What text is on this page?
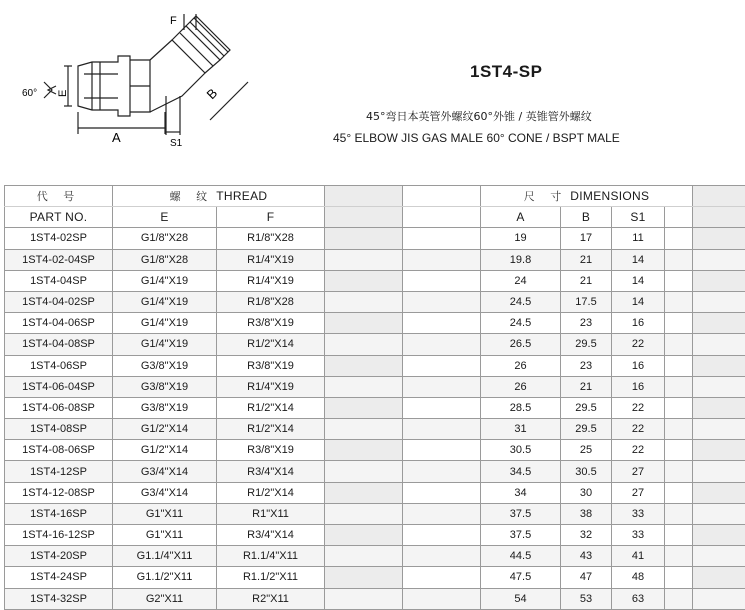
E
F
A
B
S1
60°
1ST4-SP
45°弯日本英管外螺纹60°外锥 / 英锥管外螺纹
45° ELBOW JIS GAS MALE 60° CONE / BSPT MALE
代 号	螺 纹 THREAD				尺 寸 DIMENSIONS				
PART NO.	E	F			A	B	S1		
1ST4-02SP	G1/8"X28	R1/8"X28			19	17	11		
1ST4-02-04SP	G1/8"X28	R1/4"X19			19.8	21	14		
1ST4-04SP	G1/4"X19	R1/4"X19			24	21	14		
1ST4-04-02SP	G1/4"X19	R1/8"X28			24.5	17.5	14		
1ST4-04-06SP	G1/4"X19	R3/8"X19			24.5	23	16		
1ST4-04-08SP	G1/4"X19	R1/2"X14			26.5	29.5	22		
1ST4-06SP	G3/8"X19	R3/8"X19			26	23	16		
1ST4-06-04SP	G3/8"X19	R1/4"X19			26	21	16		
1ST4-06-08SP	G3/8"X19	R1/2"X14			28.5	29.5	22		
1ST4-08SP	G1/2"X14	R1/2"X14			31	29.5	22		
1ST4-08-06SP	G1/2"X14	R3/8"X19			30.5	25	22		
1ST4-12SP	G3/4"X14	R3/4"X14			34.5	30.5	27		
1ST4-12-08SP	G3/4"X14	R1/2"X14			34	30	27		
1ST4-16SP	G1"X11	R1"X11			37.5	38	33		
1ST4-16-12SP	G1"X11	R3/4"X14			37.5	32	33		
1ST4-20SP	G1.1/4"X11	R1.1/4"X11			44.5	43	41		
1ST4-24SP	G1.1/2"X11	R1.1/2"X11			47.5	47	48		
1ST4-32SP	G2"X11	R2"X11			54	53	63		
